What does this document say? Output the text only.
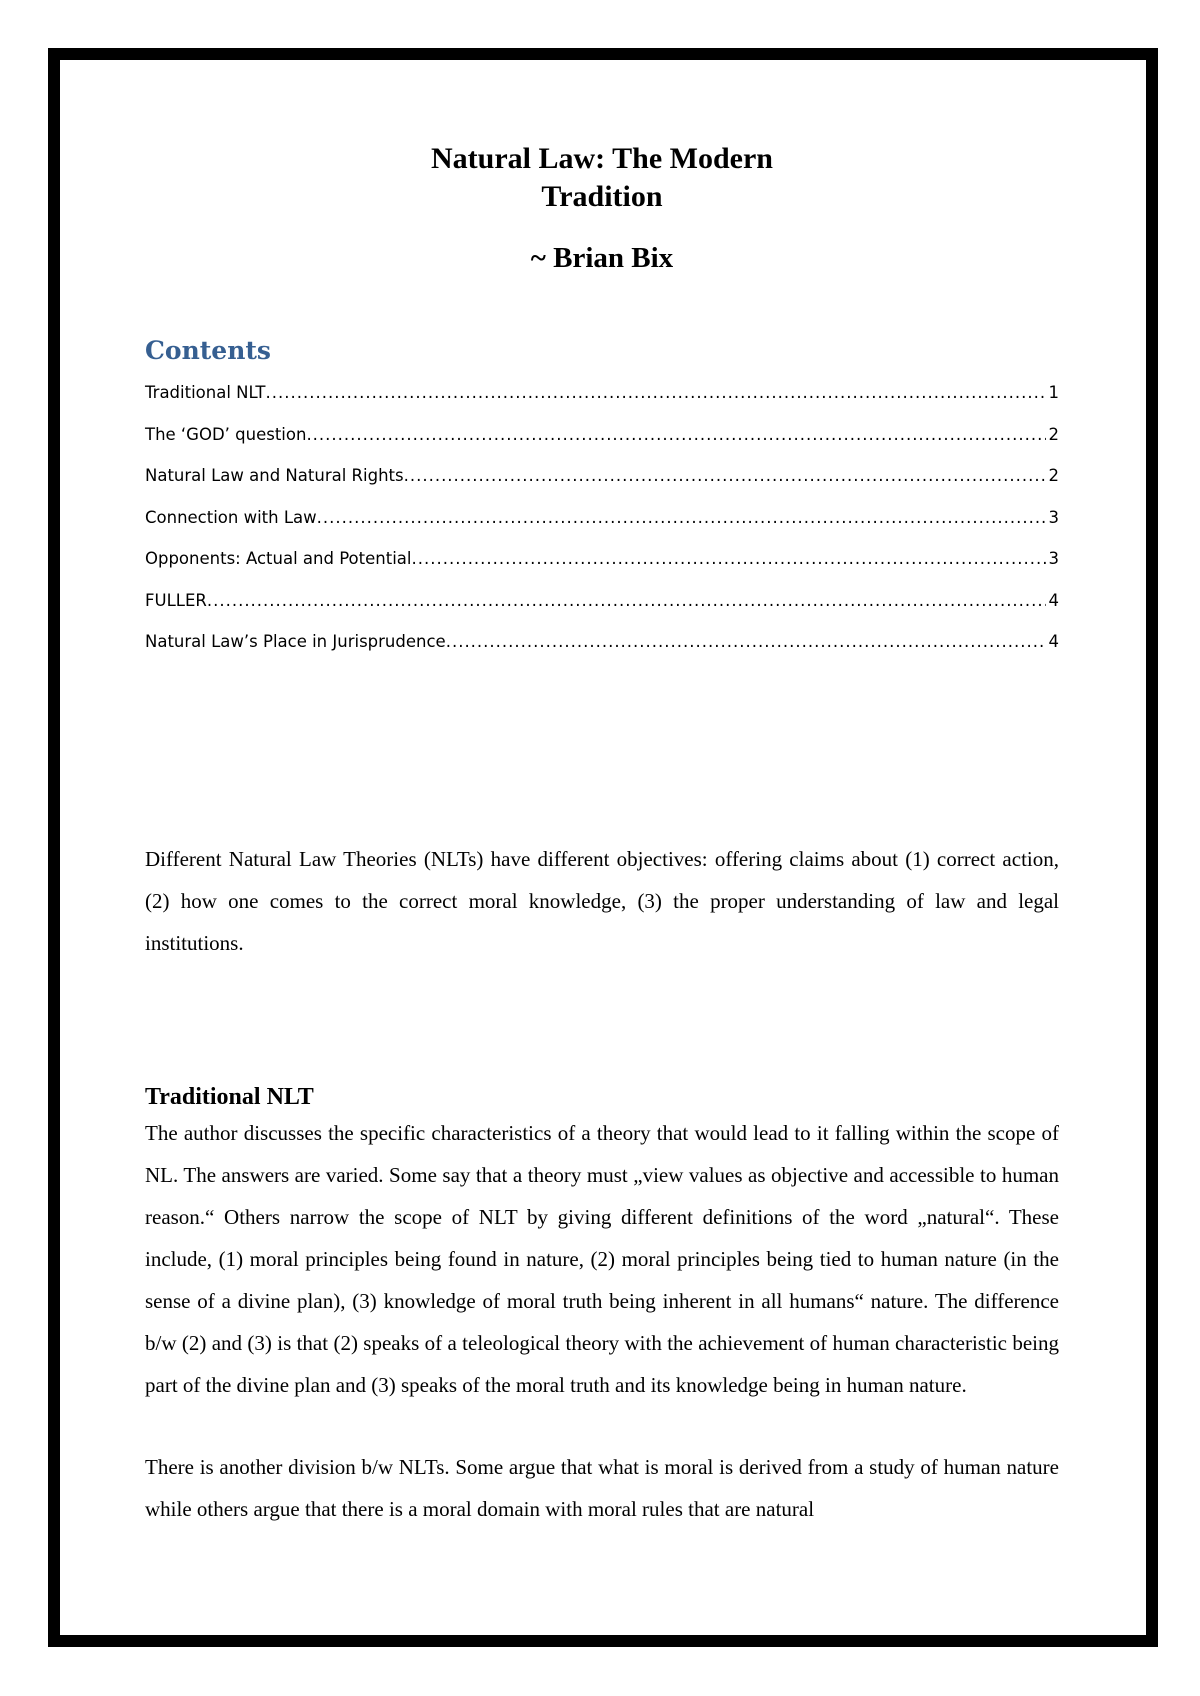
Natural Law: The Modern
Tradition

~ Brian Bix

Contents
Traditional NLT .....	1
The ‘GOD’ question .....	2
Natural Law and Natural Rights .....	2
Connection with Law .....	3
Opponents: Actual and Potential .....	3
FULLER .....	4
Natural Law’s Place in Jurisprudence .....	4

Different Natural Law Theories (NLTs) have different objectives: offering claims about (1) correct action, (2) how one comes to the correct moral knowledge, (3) the proper understanding of law and legal institutions.

Traditional NLT

The author discusses the specific characteristics of a theory that would lead to it falling within the scope of NL. The answers are varied. Some say that a theory must „view values as objective and accessible to human reason.“ Others narrow the scope of NLT by giving different definitions of the word „natural“. These include, (1) moral principles being found in nature, (2) moral principles being tied to human nature (in the sense of a divine plan), (3) knowledge of moral truth being inherent in all humans“ nature. The difference b/w (2) and (3) is that (2) speaks of a teleological theory with the achievement of human characteristic being part of the divine plan and (3) speaks of the moral truth and its knowledge being in human nature.

There is another division b/w NLTs. Some argue that what is moral is derived from a study of human nature while others argue that there is a moral domain with moral rules that are natural
